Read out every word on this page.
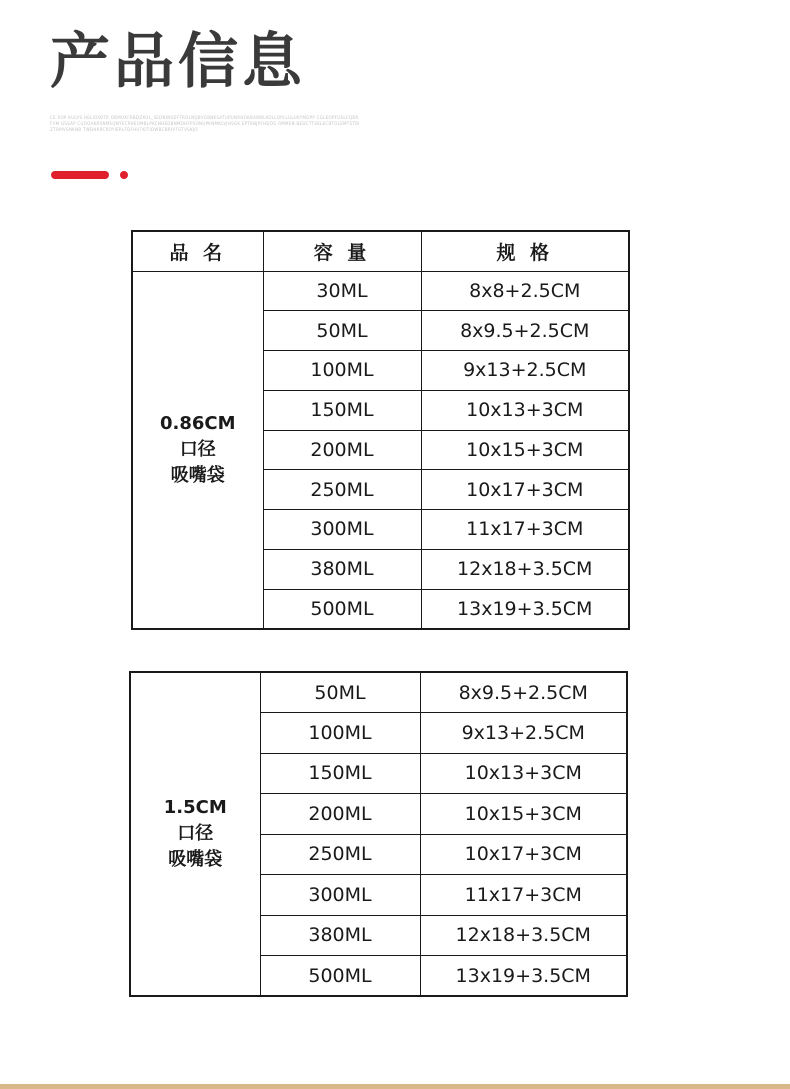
产品信息
CE ROP KULVS HELIOXBTR OBMUXFRBDZXUL_SEDNINSDFTROLNQBVGBNKSATUPUNXHOKBAWBLKOLLOPLLGLUKYMOPP CGLEOPFUSLCQBRFVM GSSAP CUOOAKRSNMEQNYECPHEOMBLPKCNHEDBNMDHFPSONUPKNMKLVJHSGK EPTKNJPFHDOG RMMEN BEDCTTSKLECBTOLEMTSTBIZTOMVSNKNB TWDHKRCROYIERLFDFHUTKITIDWBCBRIVTGTVSKJO
品 名	容 量	规 格

0.86CM
口径
吸嘴袋	30ML	8x8+2.5CM
	50ML	8x9.5+2.5CM
	100ML	9x13+2.5CM
	150ML	10x13+3CM
	200ML	10x15+3CM
	250ML	10x17+3CM
	300ML	11x17+3CM
	380ML	12x18+3.5CM
	500ML	13x19+3.5CM
1.5CM
口径
吸嘴袋	50ML	8x9.5+2.5CM
	100ML	9x13+2.5CM
	150ML	10x13+3CM
	200ML	10x15+3CM
	250ML	10x17+3CM
	300ML	11x17+3CM
	380ML	12x18+3.5CM
	500ML	13x19+3.5CM
